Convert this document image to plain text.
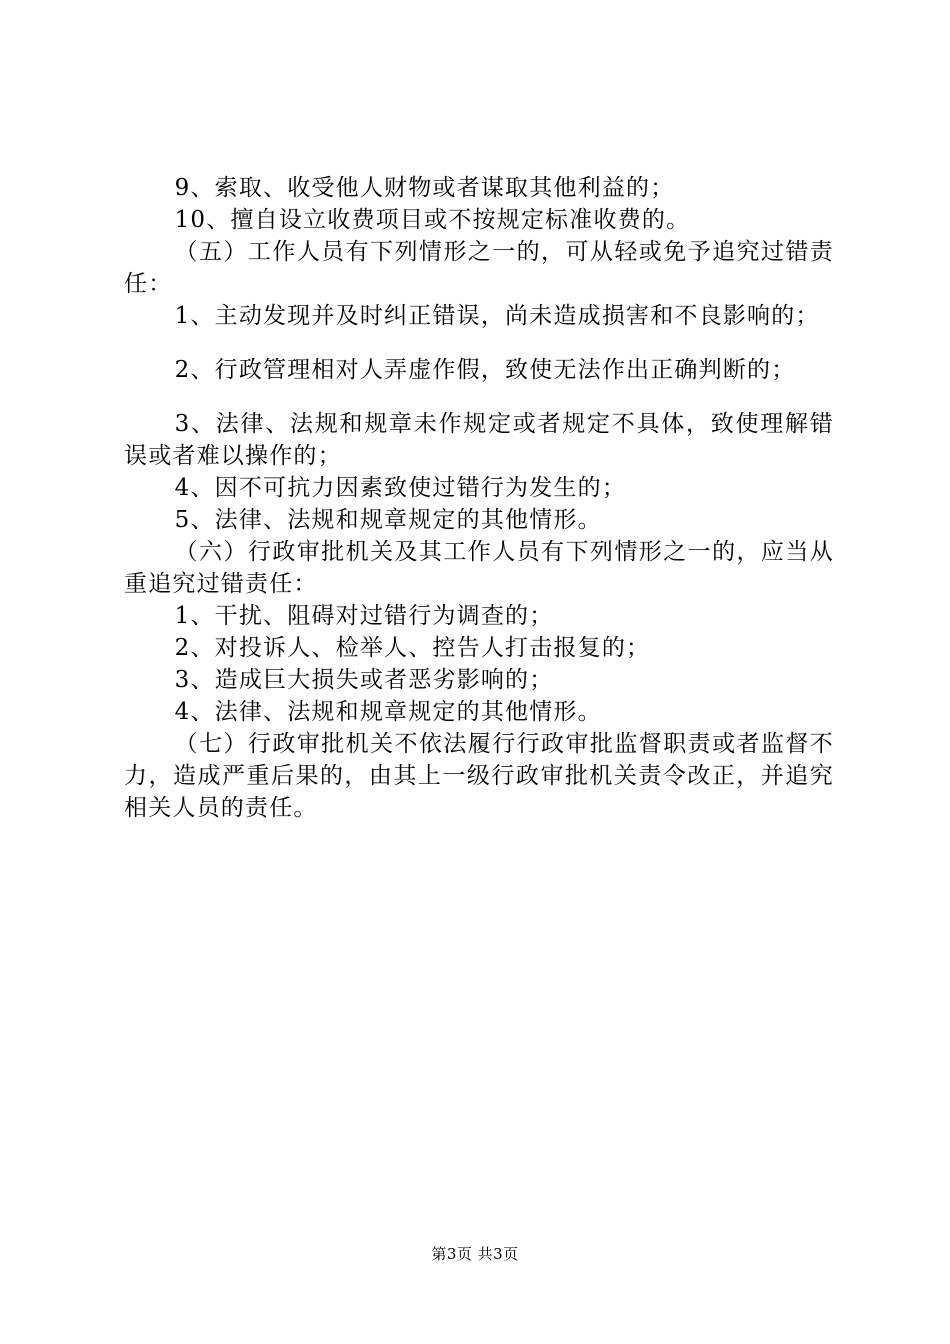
9、索取、收受他人财物或者谋取其他利益的；

10、擅自设立收费项目或不按规定标准收费的。

（五）工作人员有下列情形之一的，可从轻或免予追究过错责任：

1、主动发现并及时纠正错误，尚未造成损害和不良影响的；

2、行政管理相对人弄虚作假，致使无法作出正确判断的；

3、法律、法规和规章未作规定或者规定不具体，致使理解错误或者难以操作的；

4、因不可抗力因素致使过错行为发生的；

5、法律、法规和规章规定的其他情形。

（六）行政审批机关及其工作人员有下列情形之一的，应当从重追究过错责任：

1、干扰、阻碍对过错行为调查的；

2、对投诉人、检举人、控告人打击报复的；

3、造成巨大损失或者恶劣影响的；

4、法律、法规和规章规定的其他情形。

（七）行政审批机关不依法履行行政审批监督职责或者监督不力，造成严重后果的，由其上一级行政审批机关责令改正，并追究相关人员的责任。

第3页 共3页
